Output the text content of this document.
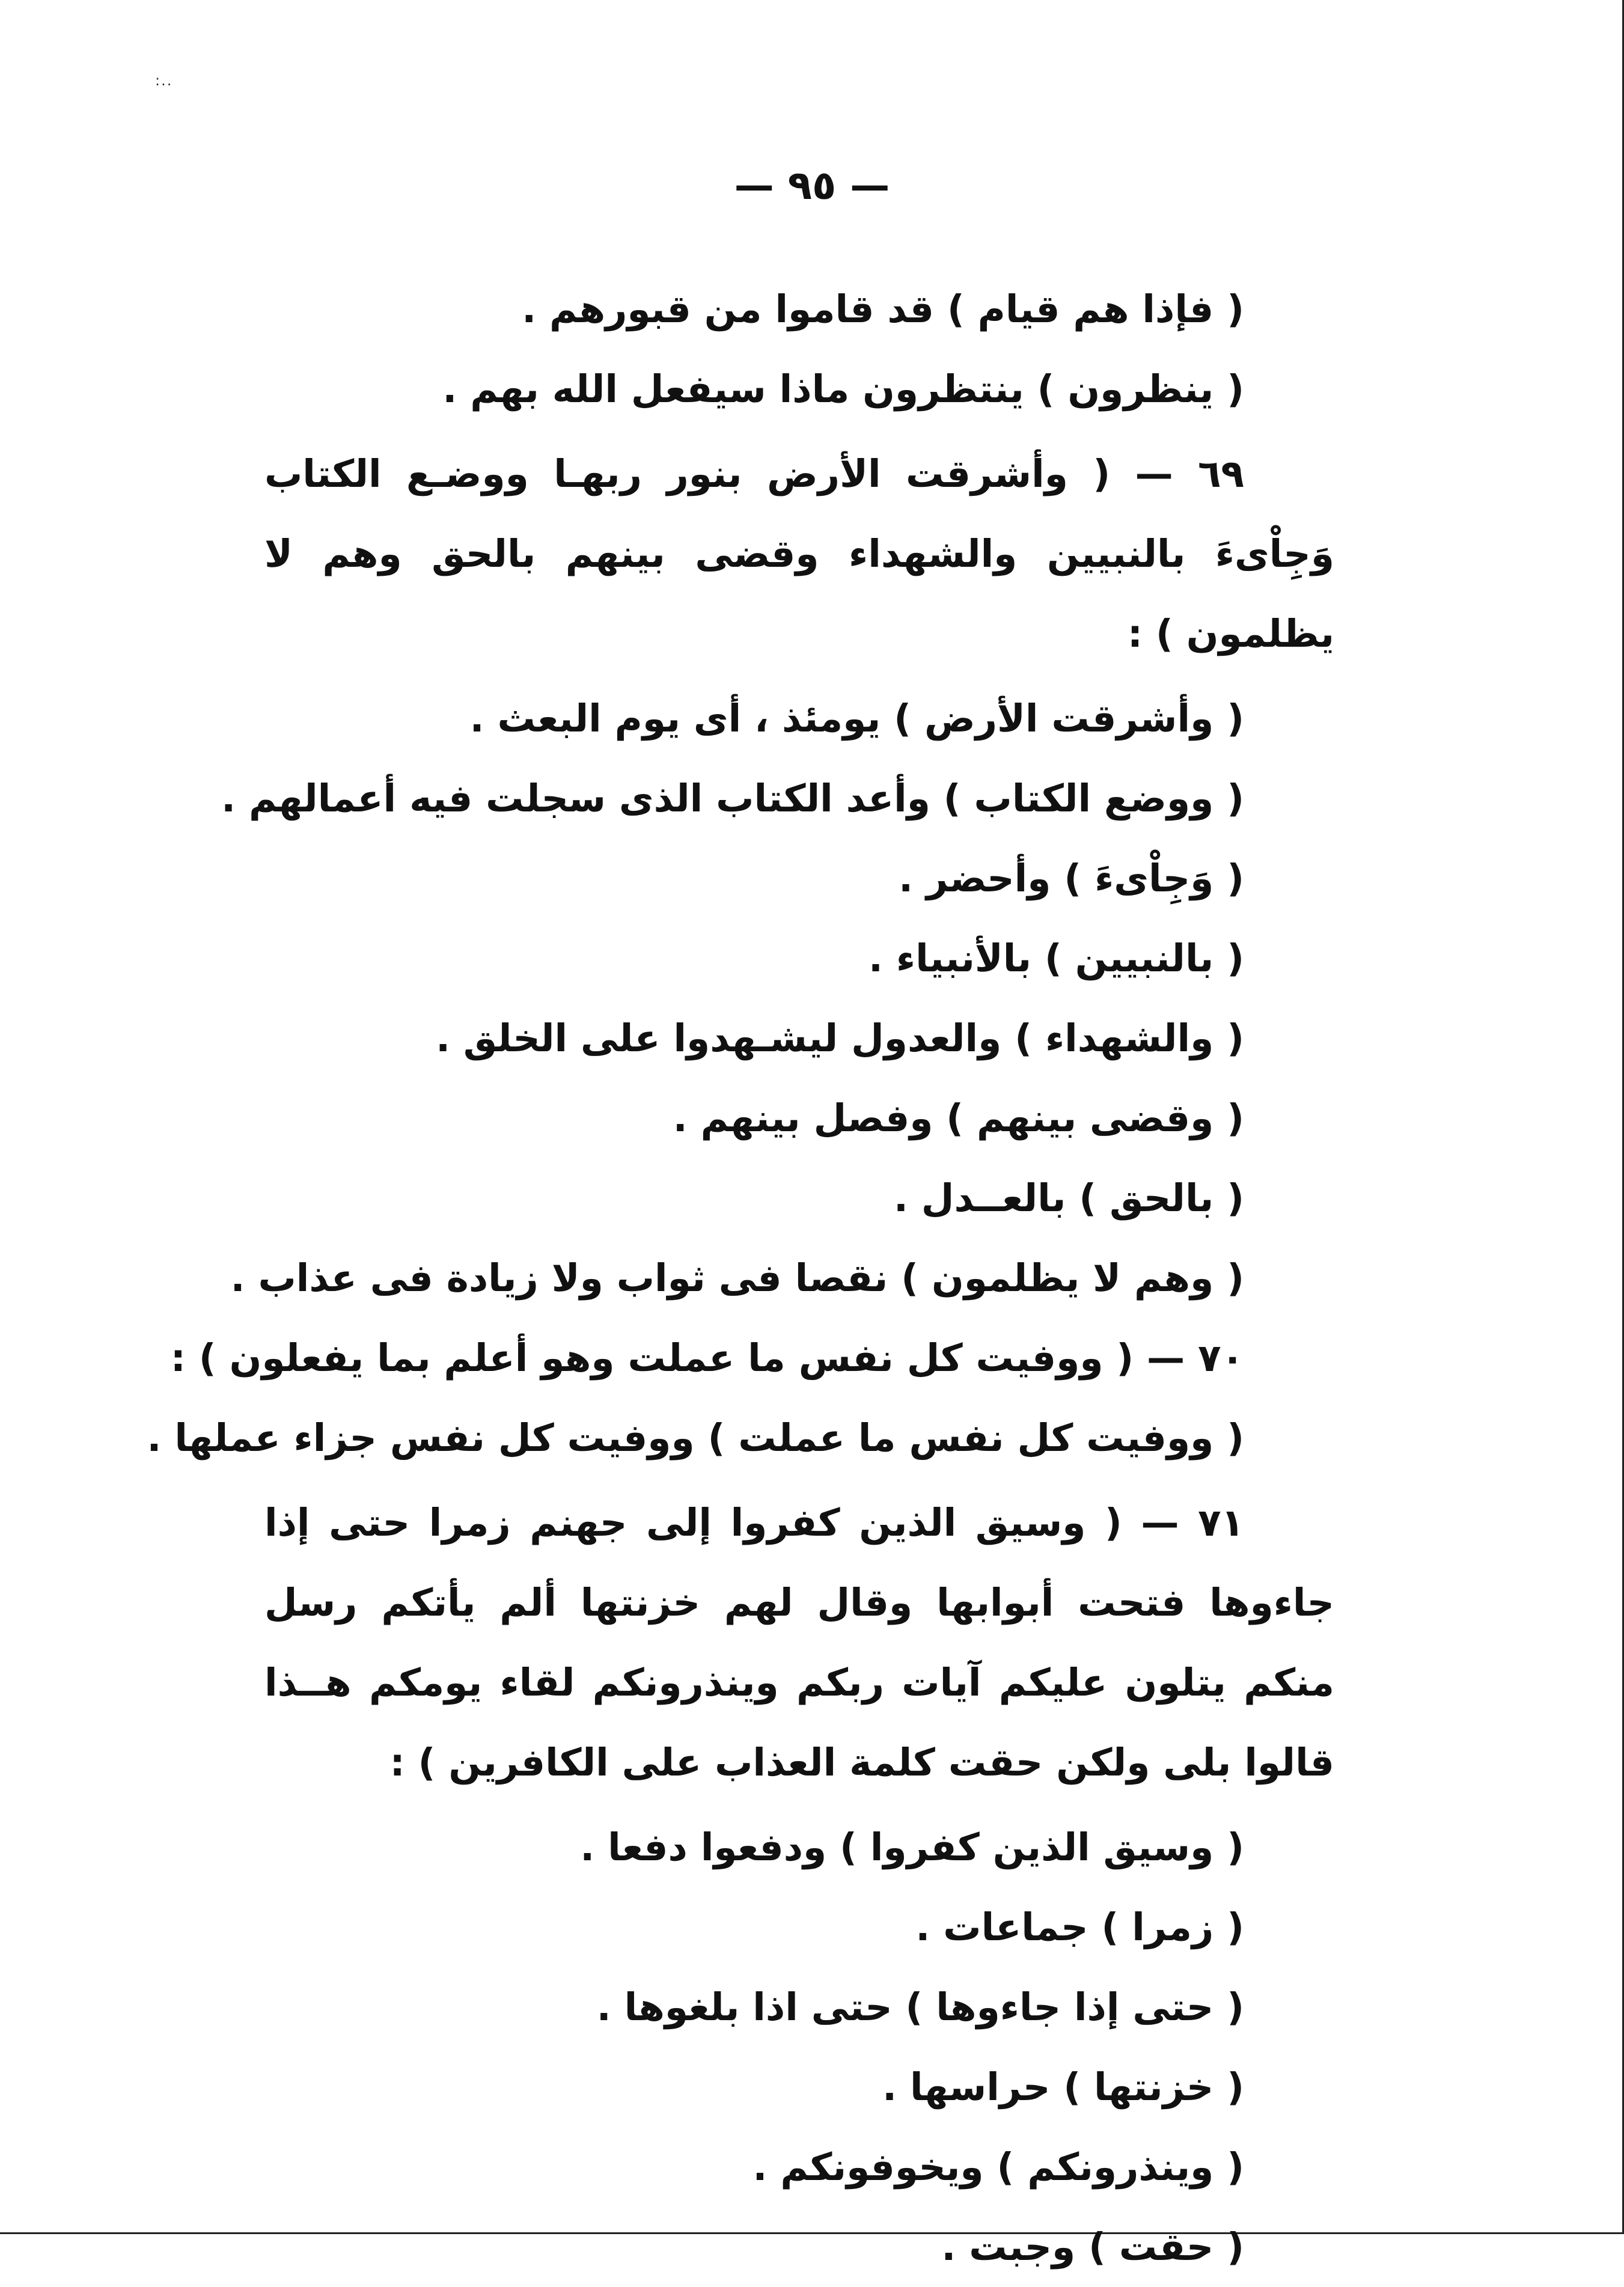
:..
— ٩٥ —

( فإذا هم قيام ) قد قاموا من قبورهم .

( ينظرون ) ينتظرون ماذا سيفعل الله بهم .

٦٩ — ( وأشرقت الأرض بنور ربهـا ووضـع الكتاب وَجِاْىءَ بالنبيين والشهداء وقضى بينهم بالحق وهم لا يظلمون ) :

( وأشرقت الأرض ) يومئذ ، أى يوم البعث .

( ووضع الكتاب ) وأعد الكتاب الذى سجلت فيه أعمالهم .

( وَجِاْىءَ ) وأحضر .

( بالنبيين ) بالأنبياء .

( والشهداء ) والعدول ليشـهدوا على الخلق .

( وقضى بينهم ) وفصل بينهم .

( بالحق ) بالعــدل .

( وهم لا يظلمون ) نقصا فى ثواب ولا زيادة فى عذاب .

٧٠ — ( ووفيت كل نفس ما عملت وهو أعلم بما يفعلون ) :

( ووفيت كل نفس ما عملت ) ووفيت كل نفس جزاء عملها .

٧١ — ( وسيق الذين كفروا إلى جهنم زمرا حتى إذا جاءوها فتحت أبوابها وقال لهم خزنتها ألم يأتكم رسل منكم يتلون عليكم آيات ربكم وينذرونكم لقاء يومكم هــذا قالوا بلى ولكن حقت كلمة العذاب على الكافرين ) :

( وسيق الذين كفروا ) ودفعوا دفعا .

( زمرا ) جماعات .

( حتى إذا جاءوها ) حتى اذا بلغوها .

( خزنتها ) حراسها .

( وينذرونكم ) ويخوفونكم .

( حقت ) وجبت .
